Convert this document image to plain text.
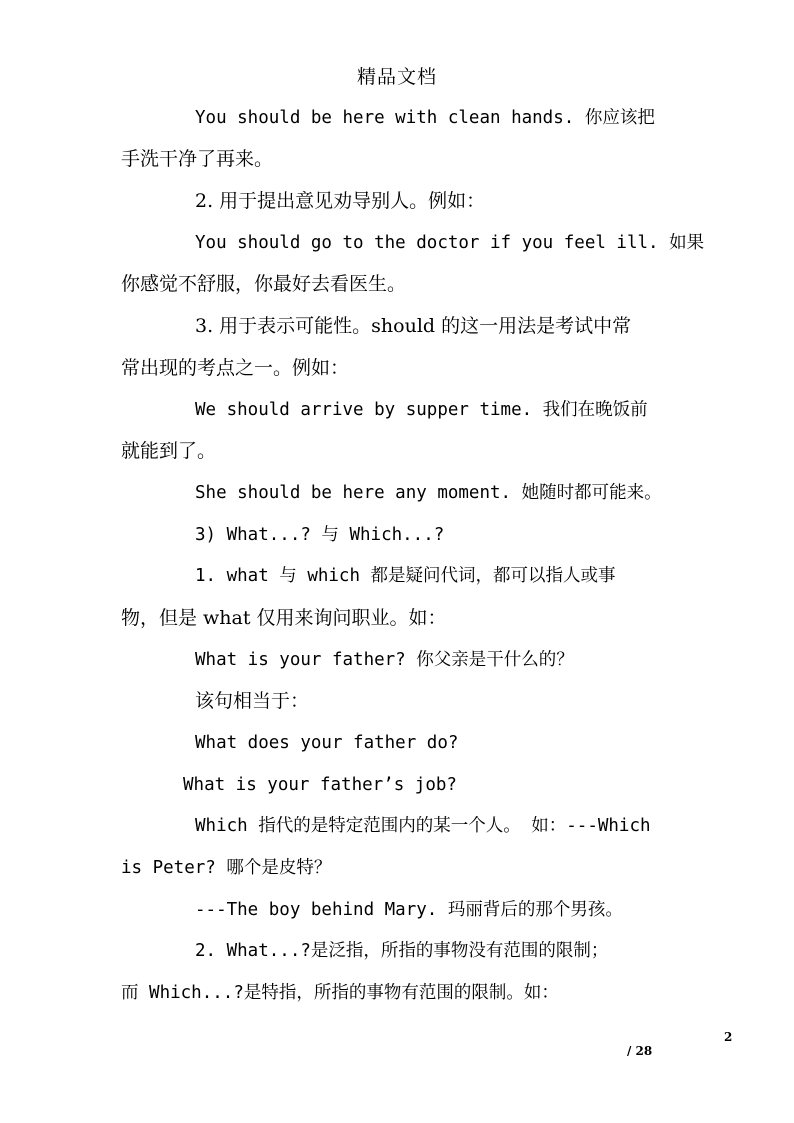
精品文档
You should be here with clean hands. 你应该把
手洗干净了再来。
2. 用于提出意见劝导别人。例如：
You should go to the doctor if you feel ill. 如果
你感觉不舒服，你最好去看医生。
3. 用于表示可能性。should 的这一用法是考试中常
常出现的考点之一。例如：
We should arrive by supper time. 我们在晚饭前
就能到了。
She should be here any moment. 她随时都可能来。
3) What...? 与 Which...?
1. what 与 which 都是疑问代词，都可以指人或事
物，但是 what 仅用来询问职业。如：
What is your father? 你父亲是干什么的？
该句相当于：
What does your father do?
What is your father’s job?
Which 指代的是特定范围内的某一个人。 如：---Which
is Peter? 哪个是皮特？
---The boy behind Mary. 玛丽背后的那个男孩。
2. What...?是泛指，所指的事物没有范围的限制；
而 Which...?是特指，所指的事物有范围的限制。如：
2
/ 28
